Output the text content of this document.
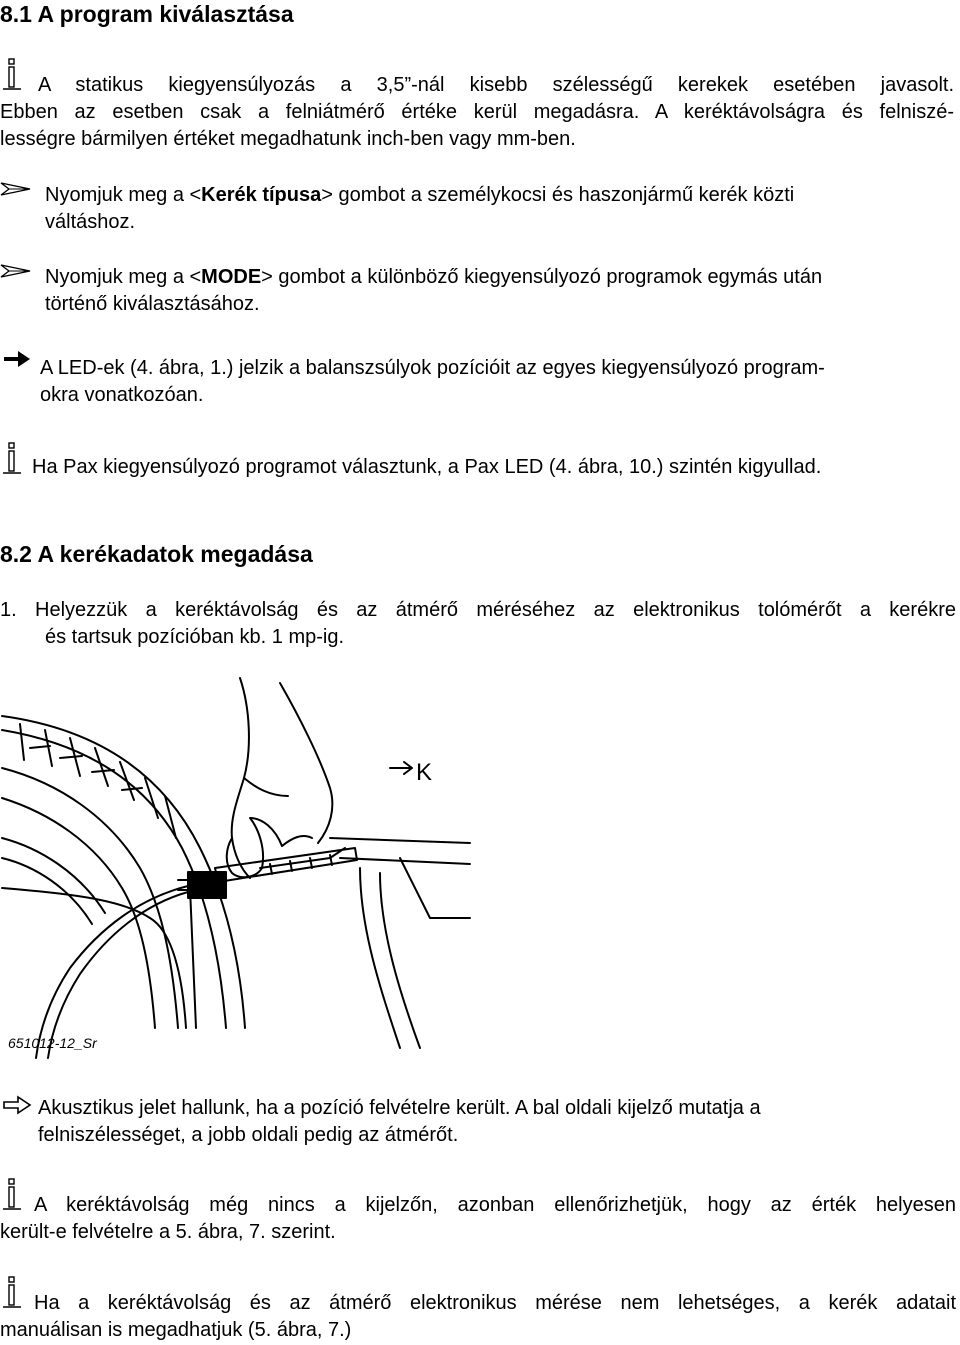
8.1 A program kiválasztása
A statikus kiegyensúlyozás a 3,5”-nál kisebb szélességű kerekek esetében javasolt.
Ebben az esetben csak a felniátmérő értéke kerül megadásra. A keréktávolságra és felniszé-
lességre bármilyen értéket megadhatunk inch-ben vagy mm-ben.
Nyomjuk meg a <Kerék típusa> gombot a személykocsi és haszonjármű kerék közti
váltáshoz.
Nyomjuk meg a <MODE> gombot a különböző kiegyensúlyozó programok egymás után
történő kiválasztásához.
A LED-ek (4. ábra, 1.) jelzik a balanszsúlyok pozícióit az egyes kiegyensúlyozó program-
okra vonatkozóan.
Ha Pax kiegyensúlyozó programot választunk, a Pax LED (4. ábra, 10.) szintén kigyullad.
8.2 A kerékadatok megadása
1. Helyezzük a keréktávolság és az átmérő méréséhez az elektronikus tolómérőt a kerékre
és tartsuk pozícióban kb. 1 mp-ig.
K
651012-12_Sr
Akusztikus jelet hallunk, ha a pozíció felvételre került. A bal oldali kijelző mutatja a
felniszélességet, a jobb oldali pedig az átmérőt.
A keréktávolság még nincs a kijelzőn, azonban ellenőrizhetjük, hogy az érték helyesen
került-e felvételre a 5. ábra, 7. szerint.
Ha a keréktávolság és az átmérő elektronikus mérése nem lehetséges, a kerék adatait
manuálisan is megadhatjuk (5. ábra, 7.)
